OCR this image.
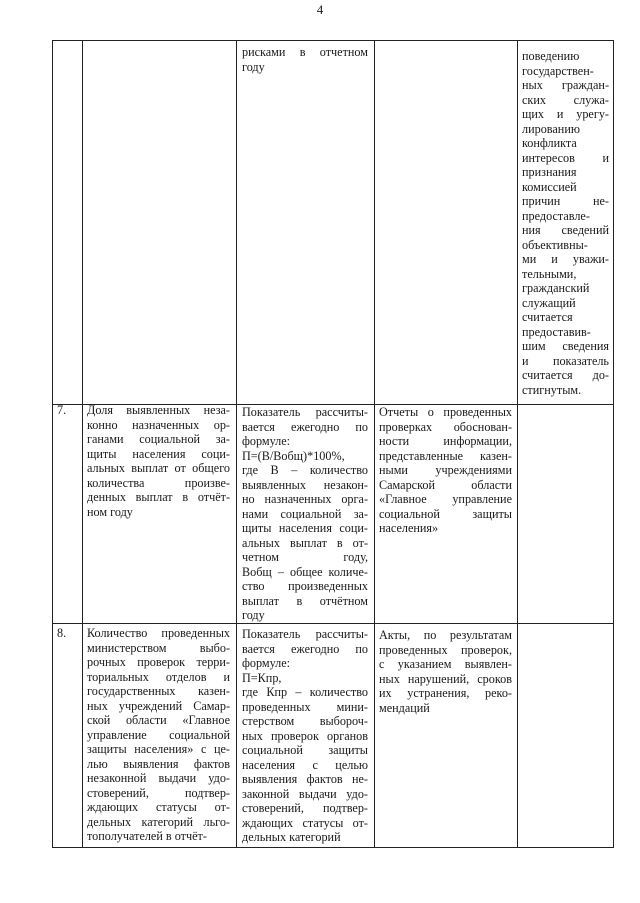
4
рисками в отчетном
году
поведению
государствен-
ных граждан-
ских служа-
щих и урегу-
лированию
конфликта
интересов и
признания
комиссией
причин не-
предоставле-
ния сведений
объективны-
ми и уважи-
тельными,
гражданский
служащий
считается
предоставив-
шим сведения
и показатель
считается до-
стигнутым.
7.	Доля выявленных неза-
конно назначенных ор-
ганами социальной за-
щиты населения соци-
альных выплат от общего
количества произве-
денных выплат в отчёт-
ном году
Показатель рассчиты-
вается ежегодно по
формуле:
П=(В/Вобщ)*100%,
где В – количество
выявленных незакон-
но назначенных орга-
нами социальной за-
щиты населения соци-
альных выплат в от-
четном году,
Вобщ – общее количе-
ство произведенных
выплат в отчётном
году
Отчеты о проведенных
проверках обоснован-
ности информации,
представленные казен-
ными учреждениями
Самарской области
«Главное управление
социальной защиты
населения»
8.	Количество проведенных
министерством выбо-
рочных проверок терри-
ториальных отделов и
государственных казен-
ных учреждений Самар-
ской области «Главное
управление социальной
защиты населения» с це-
лью выявления фактов
незаконной выдачи удо-
стоверений, подтвер-
ждающих статусы от-
дельных категорий льго-
тополучателей в отчёт-
Показатель рассчиты-
вается ежегодно по
формуле:
П=Кпр,
где Кпр – количество
проведенных мини-
стерством выбороч-
ных проверок органов
социальной защиты
населения с целью
выявления фактов не-
законной выдачи удо-
стоверений, подтвер-
ждающих статусы от-
дельных категорий
Акты, по результатам
проведенных проверок,
с указанием выявлен-
ных нарушений, сроков
их устранения, реко-
мендаций
